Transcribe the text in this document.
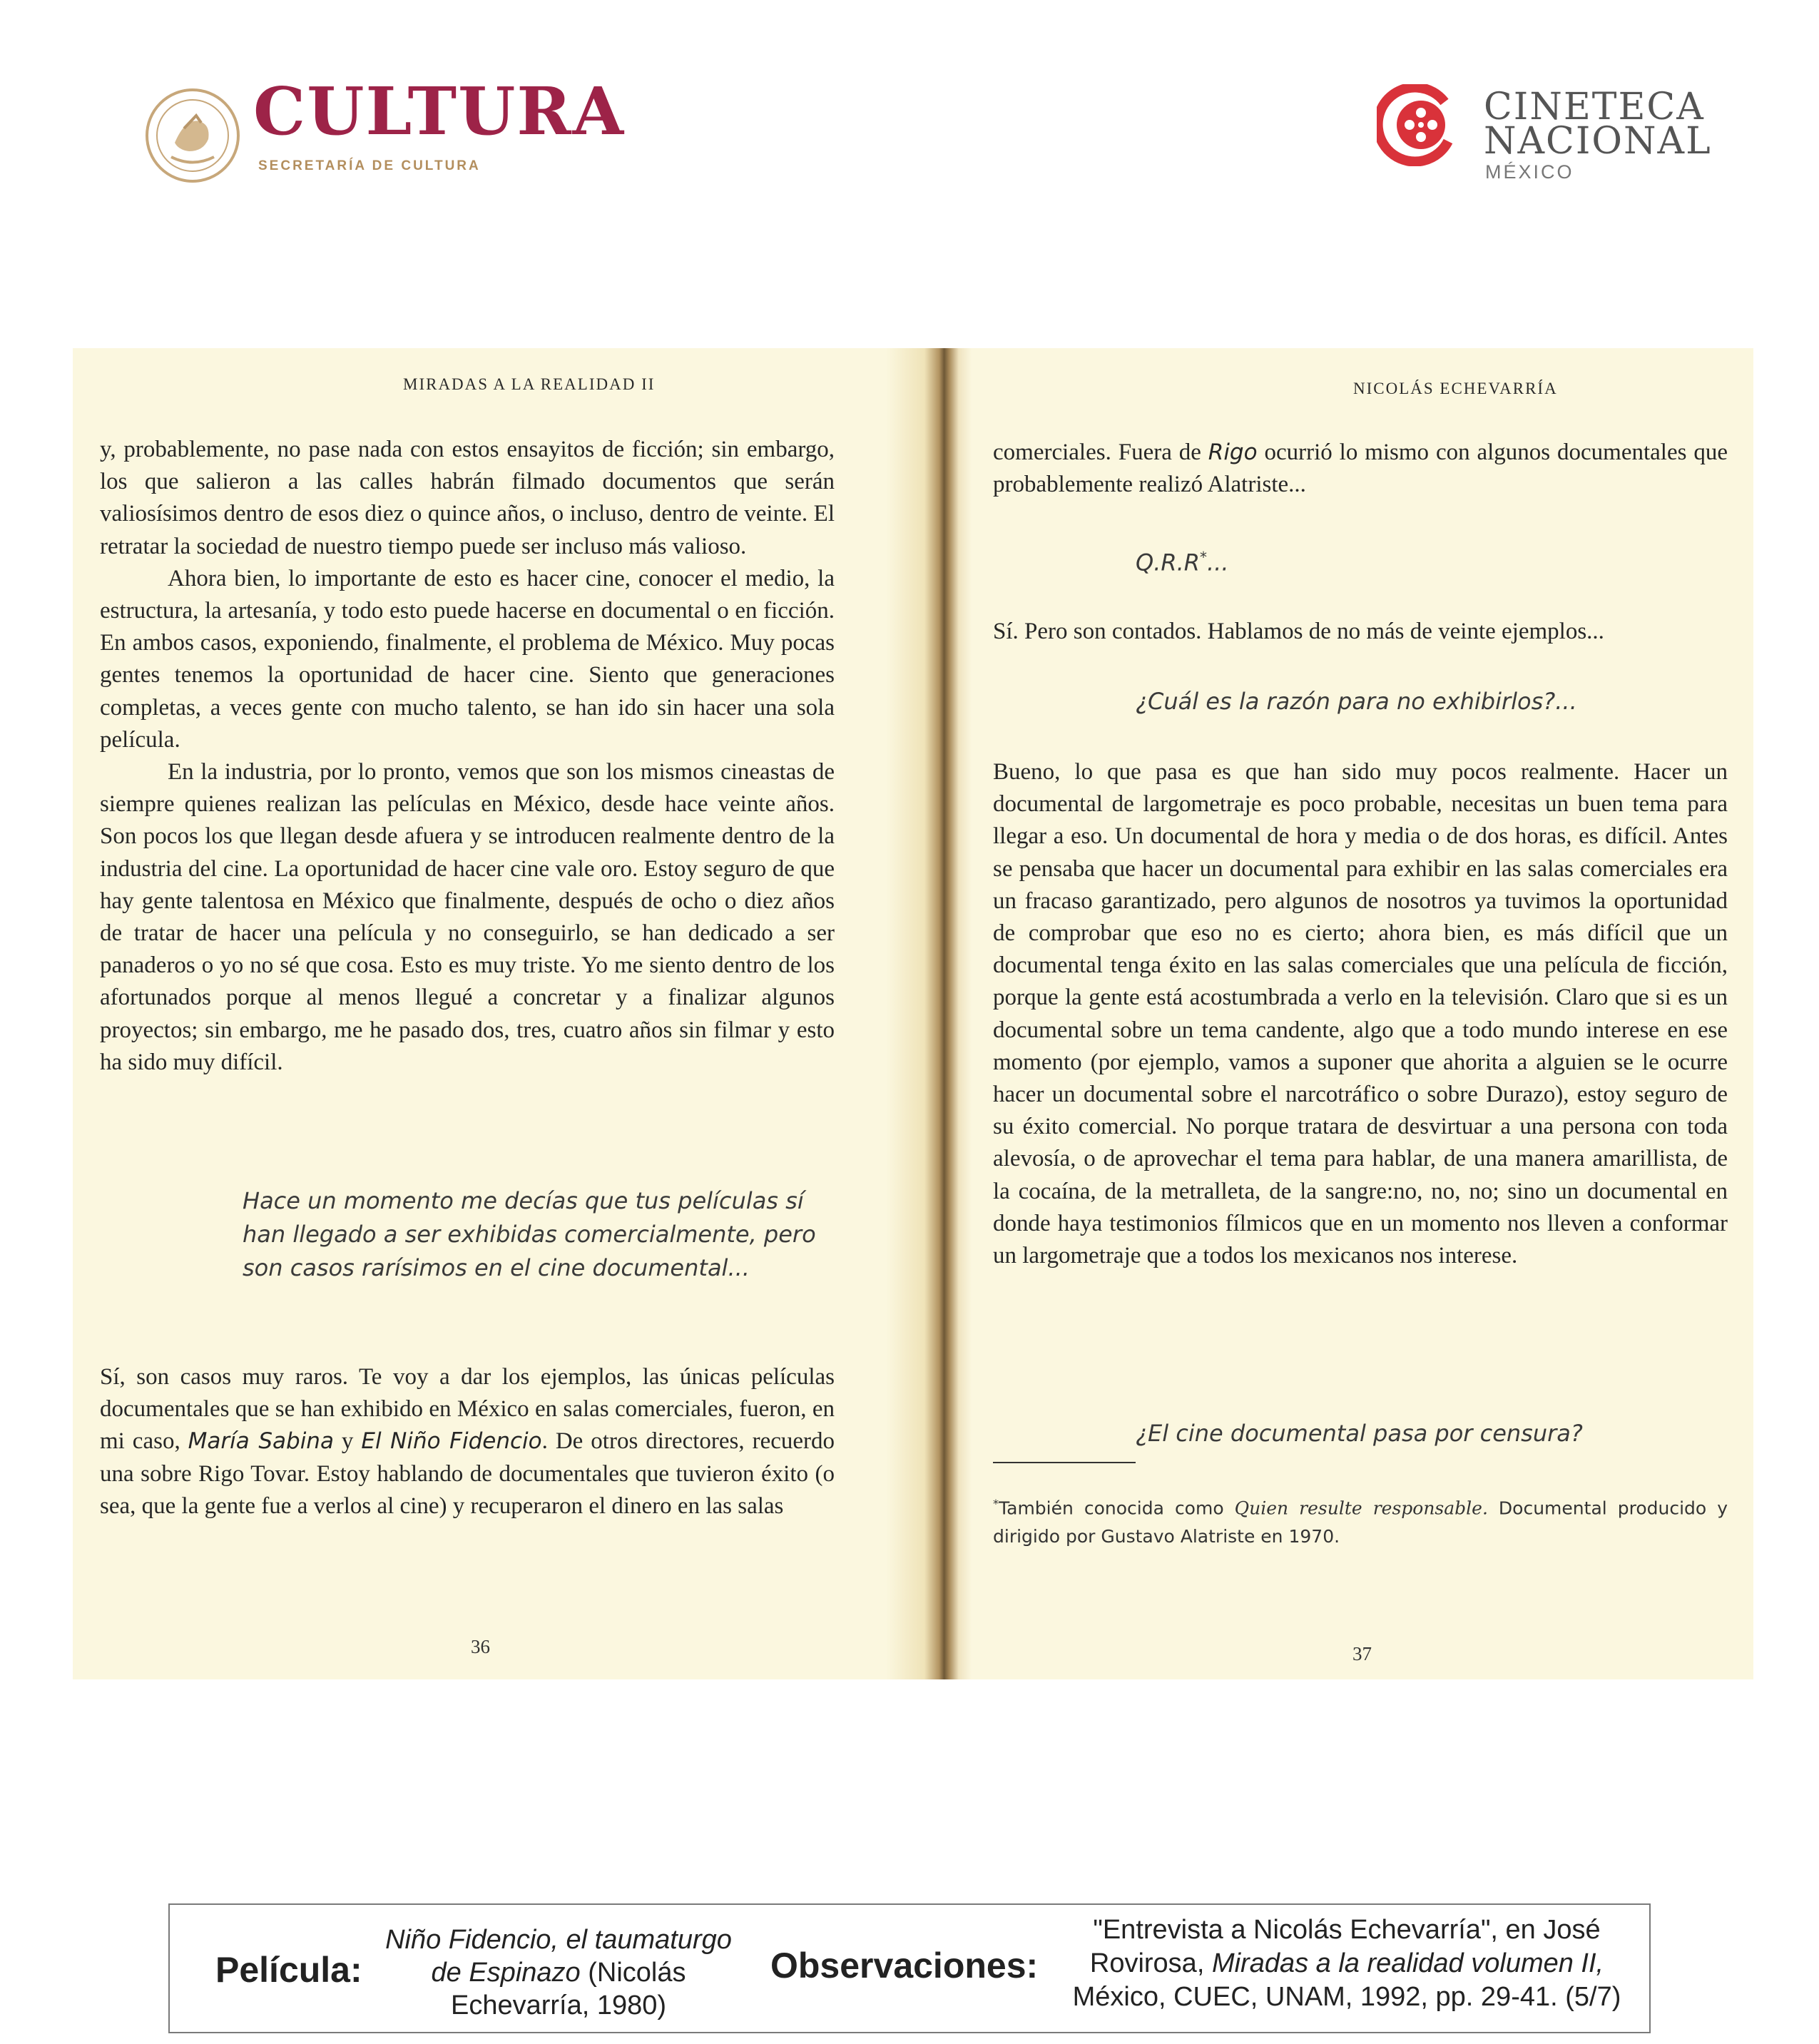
CULTURA
SECRETARÍA DE CULTURA
CINETECA
NACIONAL
MÉXICO
MIRADAS A LA REALIDAD II

y, probablemente, no pase nada con estos ensayitos de ficción; sin embargo, los que salieron a las calles habrán filmado documentos que serán valiosísimos dentro de esos diez o quince años, o incluso, dentro de veinte. El retratar la sociedad de nuestro tiempo puede ser incluso más valioso.

Ahora bien, lo importante de esto es hacer cine, conocer el medio, la estructura, la artesanía, y todo esto puede hacerse en documental o en ficción. En ambos casos, exponiendo, finalmente, el problema de México. Muy pocas gentes tenemos la oportunidad de hacer cine. Siento que generaciones completas, a veces gente con mucho talento, se han ido sin hacer una sola película.

En la industria, por lo pronto, vemos que son los mismos cineastas de siempre quienes realizan las películas en México, desde hace veinte años. Son pocos los que llegan desde afuera y se introducen realmente dentro de la industria del cine. La oportunidad de hacer cine vale oro. Estoy seguro de que hay gente talentosa en México que finalmente, después de ocho o diez años de tratar de hacer una película y no conseguirlo, se han dedicado a ser panaderos o yo no sé que cosa. Esto es muy triste. Yo me siento dentro de los afortunados porque al menos llegué a concretar y a finalizar algunos proyectos; sin embargo, me he pasado dos, tres, cuatro años sin filmar y esto ha sido muy difícil.

Hace un momento me decías que tus películas sí han llegado a ser exhibidas comercialmente, pero son casos rarísimos en el cine documental...
Sí, son casos muy raros. Te voy a dar los ejemplos, las únicas películas documentales que se han exhibido en México en salas comerciales, fueron, en mi caso, María Sabina y El Niño Fidencio. De otros directores, recuerdo una sobre Rigo Tovar. Estoy hablando de documentales que tuvieron éxito (o sea, que la gente fue a verlos al cine) y recuperaron el dinero en las salas
36
NICOLÁS ECHEVARRÍA
comerciales. Fuera de Rigo ocurrió lo mismo con algunos documentales que probablemente realizó Alatriste...
Q.R.R*...
Sí. Pero son contados. Hablamos de no más de veinte ejemplos...
¿Cuál es la razón para no exhibirlos?...
Bueno, lo que pasa es que han sido muy pocos realmente. Hacer un documental de largometraje es poco probable, necesitas un buen tema para llegar a eso. Un documental de hora y media o de dos horas, es difícil. Antes se pensaba que hacer un documental para exhibir en las salas comerciales era un fracaso garantizado, pero algunos de nosotros ya tuvimos la oportunidad de comprobar que eso no es cierto; ahora bien, es más difícil que un documental tenga éxito en las salas comerciales que una película de ficción, porque la gente está acostumbrada a verlo en la televisión. Claro que si es un documental sobre un tema candente, algo que a todo mundo interese en ese momento (por ejemplo, vamos a suponer que ahorita a alguien se le ocurre hacer un documental sobre el narcotráfico o sobre Durazo), estoy seguro de su éxito comercial. No porque tratara de desvirtuar a una persona con toda alevosía, o de aprovechar el tema para hablar, de una manera amarillista, de la cocaína, de la metralleta, de la sangre:no, no, no; sino un documental en donde haya testimonios fílmicos que en un momento nos lleven a conformar un largometraje que a todos los mexicanos nos interese.
¿El cine documental pasa por censura?
*También conocida como Quien resulte responsable. Documental producido y dirigido por Gustavo Alatriste en 1970.
37
Película:
Niño Fidencio, el taumaturgo de Espinazo (Nicolás Echevarría, 1980)
Observaciones:
"Entrevista a Nicolás Echevarría", en José Rovirosa, Miradas a la realidad volumen II, México, CUEC, UNAM, 1992, pp. 29-41. (5/7)
